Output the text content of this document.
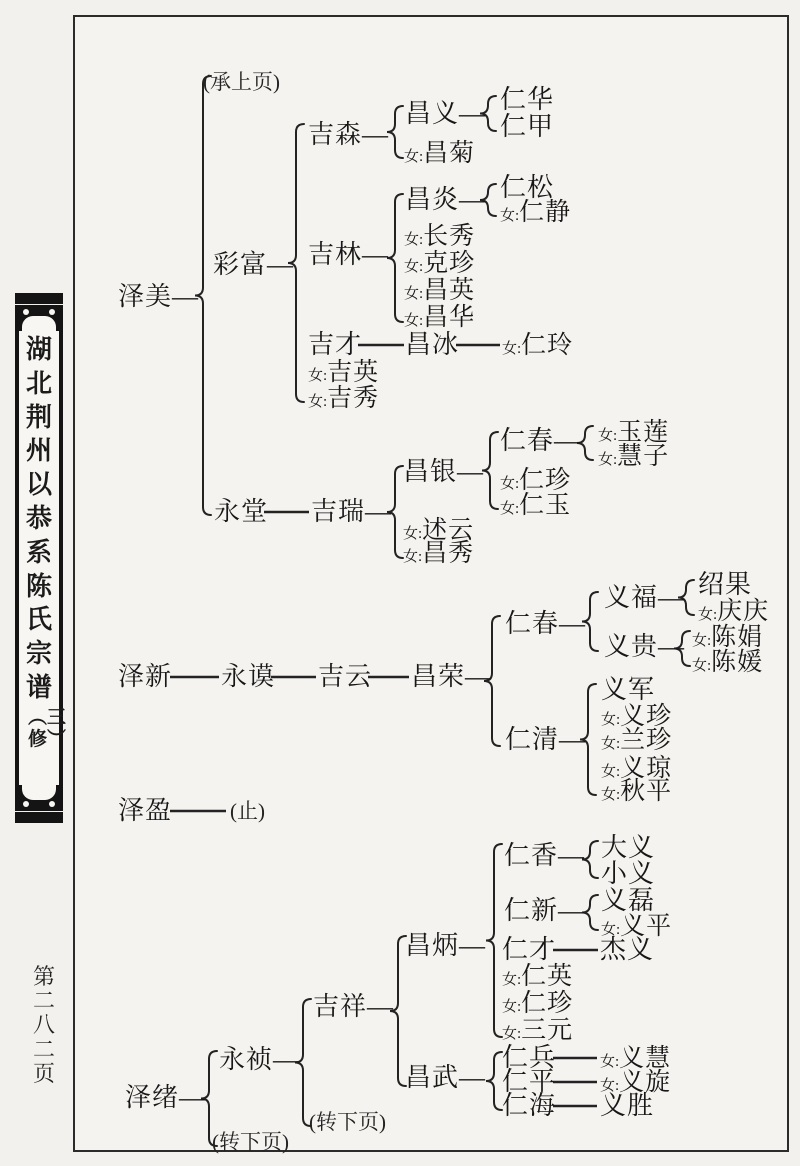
(承上页)
(止)
(转下页)
(转下页)
泽美—
泽新
泽盈
泽绪—
彩富—
永堂
永谟
永祯—
吉森—
吉林—
吉才
女:吉英
女:吉秀
吉瑞—
吉云
吉祥—
昌义—
女:昌菊
昌炎—
女:长秀
女:克珍
女:昌英
女:昌华
昌冰
昌银—
女:述云
女:昌秀
昌荣—
昌炳—
昌武—
仁华
仁甲
仁松
女:仁静
女:仁玲
仁春—
女:仁珍
女:仁玉
仁春—
仁清—
仁香—
仁新—
仁才
女:仁英
女:仁珍
女:三元
仁兵
仁平
仁海
女:玉莲
女:慧子
义福—
义贵—
义军
女:义珍
女:兰珍
女:义琼
女:秋平
大义
小义
义磊
女:义平
杰义
女:义慧
女:义旋
义胜
绍果
女:庆庆
女:陈娟
女:陈媛
湖北荆州以恭系陈氏宗谱
︵三修︶
第二八二页
